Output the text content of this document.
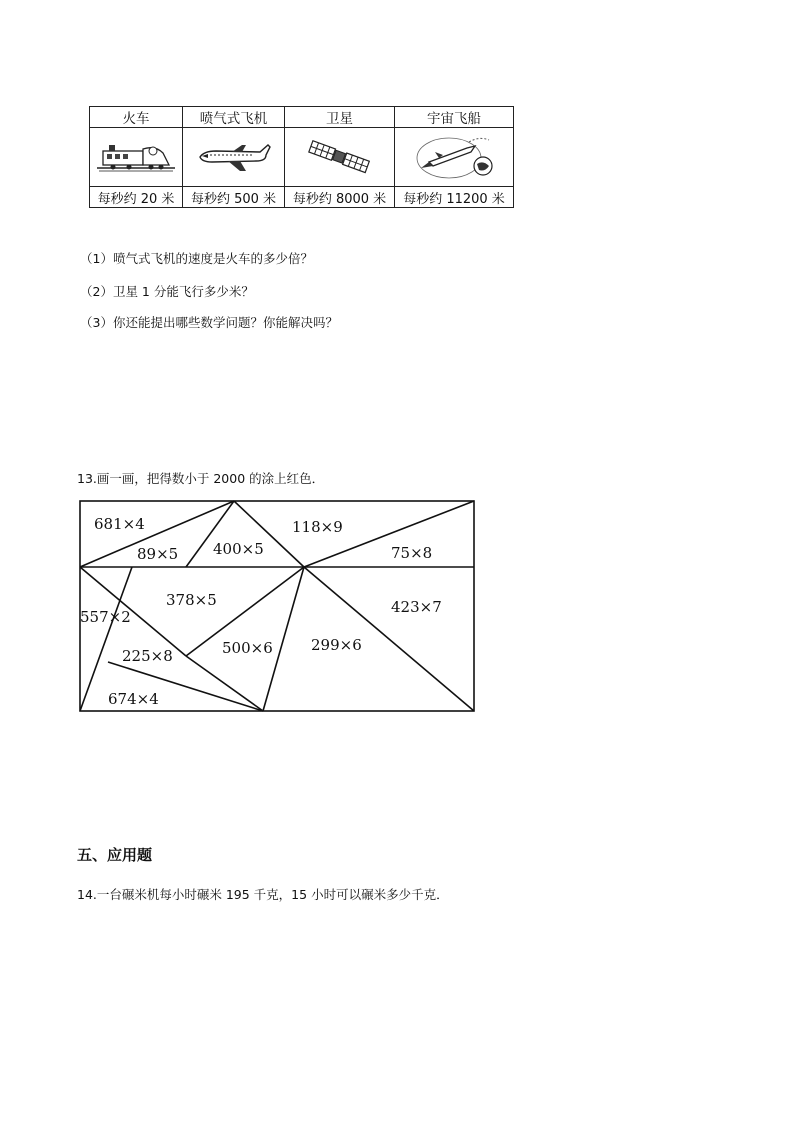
火车	喷气式飞机	卫星	宇宙飞船

每秒约 20 米	每秒约 500 米	每秒约 8000 米	每秒约 11200 米
（1）喷气式飞机的速度是火车的多少倍？
（2）卫星 1 分能飞行多少米？
（3）你还能提出哪些数学问题？你能解决吗？
13.画一画，把得数小于 2000 的涂上红色．
681×4
89×5 400×5
118×9
75×8
378×5	423×7
557×2
225×8	500×6	299×6
674×4
五、应用题
14.一台碾米机每小时碾米 195 千克，15 小时可以碾米多少千克．
